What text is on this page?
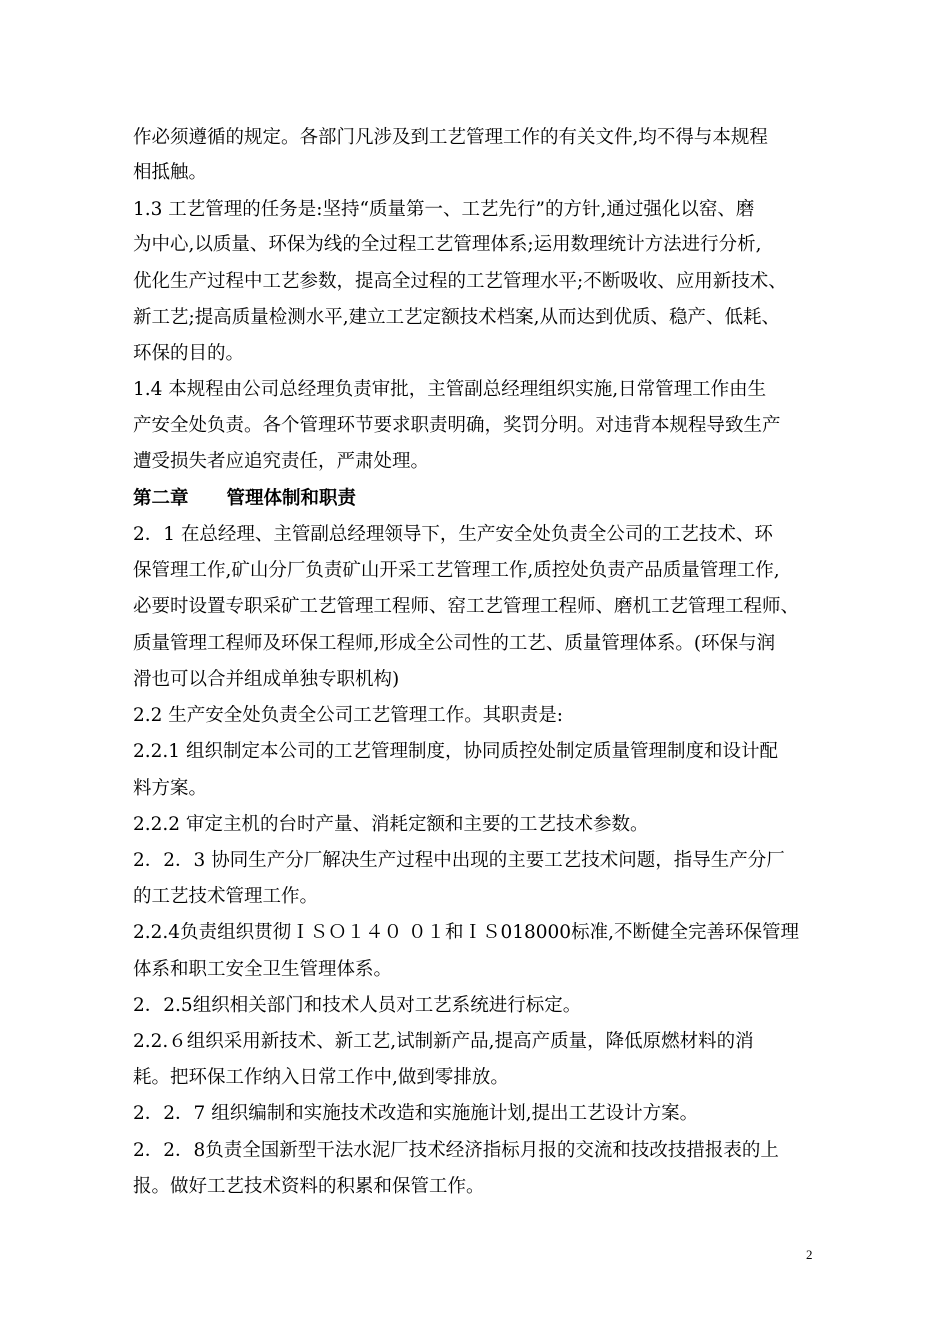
作必须遵循的规定。各部门凡涉及到工艺管理工作的有关文件,均不得与本规程
相抵触。
1.3 工艺管理的任务是:坚持“质量第一、工艺先行”的方针,通过强化以窑、磨
为中心,以质量、环保为线的全过程工艺管理体系;运用数理统计方法进行分析,
优化生产过程中工艺参数，提高全过程的工艺管理水平;不断吸收、应用新技术、
新工艺;提高质量检测水平,建立工艺定额技术档案,从而达到优质、稳产、低耗、
环保的目的。
1.4 本规程由公司总经理负责审批，主管副总经理组织实施,日常管理工作由生
产安全处负责。各个管理环节要求职责明确，奖罚分明。对违背本规程导致生产
遭受损失者应追究责任，严肃处理。
第二章 管理体制和职责
2．1 在总经理、主管副总经理领导下，生产安全处负责全公司的工艺技术、环
保管理工作,矿山分厂负责矿山开采工艺管理工作,质控处负责产品质量管理工作,
必要时设置专职采矿工艺管理工程师、窑工艺管理工程师、磨机工艺管理工程师、
质量管理工程师及环保工程师,形成全公司性的工艺、质量管理体系。(环保与润
滑也可以合并组成单独专职机构)
2.2 生产安全处负责全公司工艺管理工作。其职责是:
2.2.1 组织制定本公司的工艺管理制度，协同质控处制定质量管理制度和设计配
料方案。
2.2.2 审定主机的台时产量、消耗定额和主要的工艺技术参数。
2．2．3 协同生产分厂解决生产过程中出现的主要工艺技术问题，指导生产分厂
的工艺技术管理工作。
2.2.4负责组织贯彻ＩＳＯ１４０ ０１和ＩＳ018000标准,不断健全完善环保管理
体系和职工安全卫生管理体系。
2．2.5组织相关部门和技术人员对工艺系统进行标定。
2.2.６组织采用新技术、新工艺,试制新产品,提高产质量，降低原燃材料的消
耗。把环保工作纳入日常工作中,做到零排放。
2．2．7 组织编制和实施技术改造和实施施计划,提出工艺设计方案。
2．2．8负责全国新型干法水泥厂技术经济指标月报的交流和技改技措报表的上
报。做好工艺技术资料的积累和保管工作。
2
